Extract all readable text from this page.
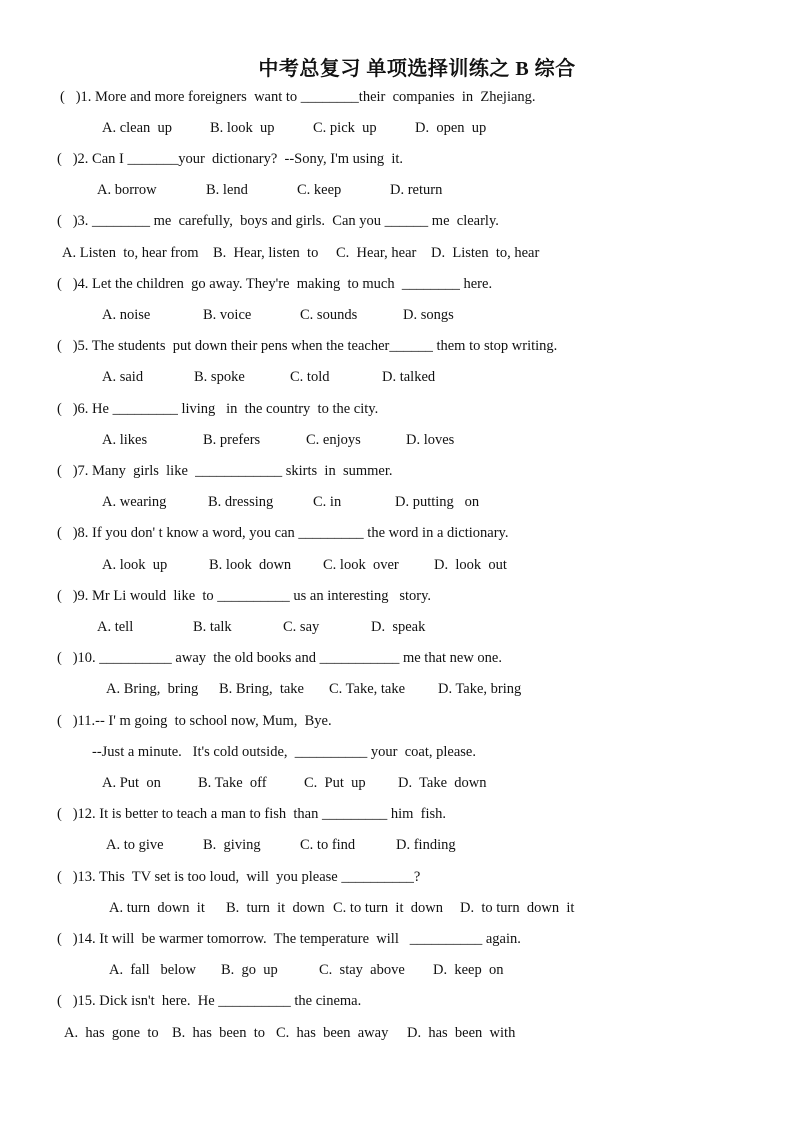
中考总复习 单项选择训练之 B 综合
(   )1. More and more foreigners  want to ________their  companies  in  Zhejiang.
A. clean  up	B. look  up	C. pick  up	D.  open  up
(   )2. Can I _______your  dictionary?  --Sony, I'm using  it.
A. borrow	B. lend	C. keep	D. return
(   )3. ________ me  carefully,  boys and girls.  Can you ______ me  clearly.
A. Listen  to, hear from B.  Hear, listen  to C.  Hear, hear D.  Listen  to, hear
(   )4. Let the children  go away. They're  making  to much  ________ here.
A. noise	B. voice	C. sounds	D. songs
(   )5. The students  put down their pens when the teacher______ them to stop writing.
A. said	B. spoke	C. told	D. talked
(   )6. He _________ living   in  the country  to the city.
A. likes	B. prefers	C. enjoys	D. loves
(   )7. Many  girls  like  ____________ skirts  in  summer.
A. wearing	B. dressing	C. in	D. putting   on
(   )8. If you don' t know a word, you can _________ the word in a dictionary.
A. look  up	B. look  down C. look  over D.  look  out
(   )9. Mr Li would  like  to __________ us an interesting   story.
A. tell	B. talk	C. say	D.  speak
(   )10. __________ away  the old books and ___________ me that new one.
A. Bring,  bring B. Bring,  take C. Take, take D. Take, bring
(   )11.-- I' m going  to school now, Mum,  Bye.
--Just a minute.   It's cold outside,  __________ your  coat, please.
A. Put  on	B. Take  off	C.  Put  up D.  Take  down
(   )12. It is better to teach a man to fish  than _________ him  fish.
A. to give	B.  giving	C. to find	D. finding
(   )13. This  TV set is too loud,  will  you please __________?
A. turn  down  it B.  turn  it  down C. to turn  it  down D.  to turn  down  it
(   )14. It will  be warmer tomorrow.  The temperature  will   __________ again.
A.  fall   below B.  go  up	C.  stay  above D.  keep  on
(   )15. Dick isn't  here.  He __________ the cinema.
A.  has  gone  to B.  has  been  to C.  has  been  away D.  has  been  with
